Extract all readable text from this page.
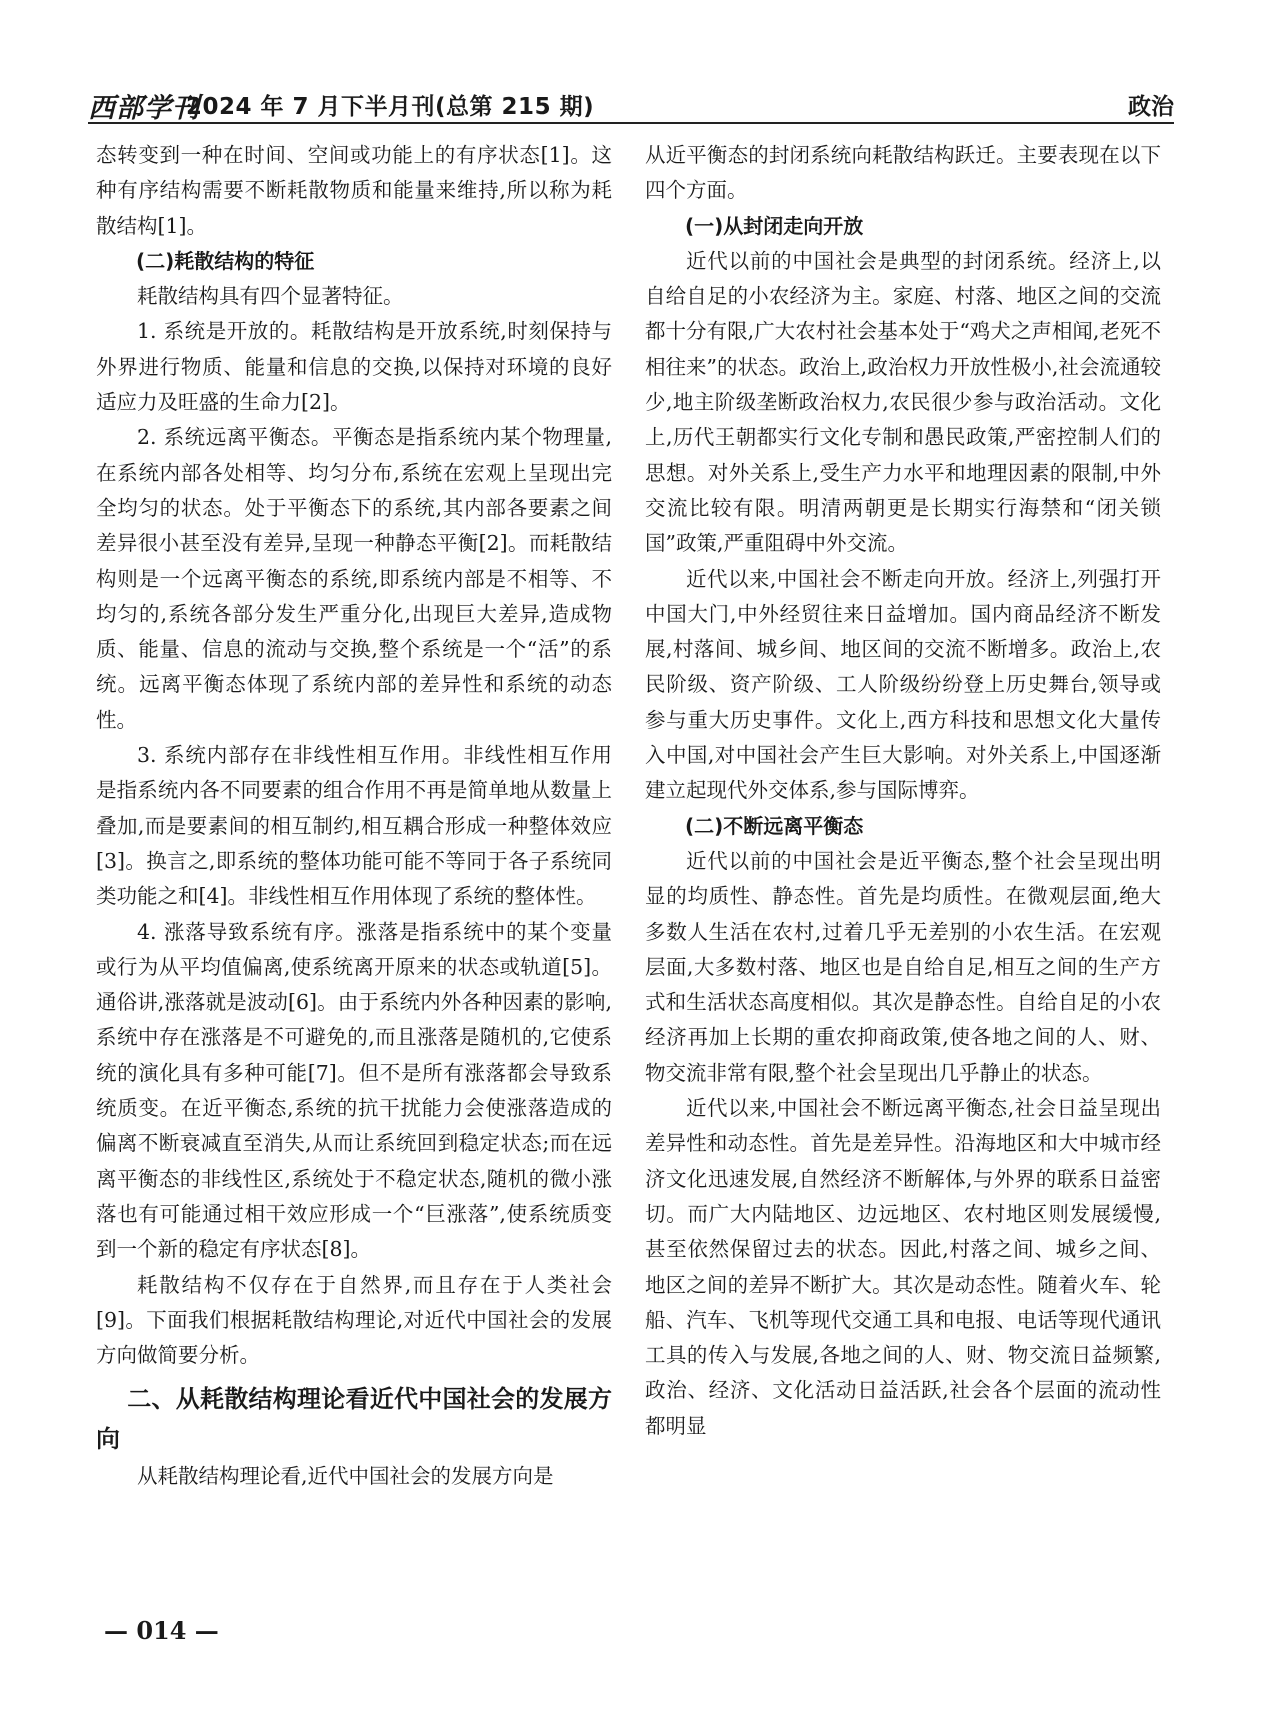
西部学刊
2024 年 7 月下半月刊(总第 215 期)	政治

态转变到一种在时间、空间或功能上的有序状态[1]。这种有序结构需要不断耗散物质和能量来维持,所以称为耗散结构[1]。

(二)耗散结构的特征

耗散结构具有四个显著特征。

1. 系统是开放的。耗散结构是开放系统,时刻保持与外界进行物质、能量和信息的交换,以保持对环境的良好适应力及旺盛的生命力[2]。

2. 系统远离平衡态。平衡态是指系统内某个物理量,在系统内部各处相等、均匀分布,系统在宏观上呈现出完全均匀的状态。处于平衡态下的系统,其内部各要素之间差异很小甚至没有差异,呈现一种静态平衡[2]。而耗散结构则是一个远离平衡态的系统,即系统内部是不相等、不均匀的,系统各部分发生严重分化,出现巨大差异,造成物质、能量、信息的流动与交换,整个系统是一个“活”的系统。远离平衡态体现了系统内部的差异性和系统的动态性。

3. 系统内部存在非线性相互作用。非线性相互作用是指系统内各不同要素的组合作用不再是简单地从数量上叠加,而是要素间的相互制约,相互耦合形成一种整体效应[3]。换言之,即系统的整体功能可能不等同于各子系统同类功能之和[4]。非线性相互作用体现了系统的整体性。

4. 涨落导致系统有序。涨落是指系统中的某个变量或行为从平均值偏离,使系统离开原来的状态或轨道[5]。通俗讲,涨落就是波动[6]。由于系统内外各种因素的影响,系统中存在涨落是不可避免的,而且涨落是随机的,它使系统的演化具有多种可能[7]。但不是所有涨落都会导致系统质变。在近平衡态,系统的抗干扰能力会使涨落造成的偏离不断衰减直至消失,从而让系统回到稳定状态;而在远离平衡态的非线性区,系统处于不稳定状态,随机的微小涨落也有可能通过相干效应形成一个“巨涨落”,使系统质变到一个新的稳定有序状态[8]。

耗散结构不仅存在于自然界,而且存在于人类社会[9]。下面我们根据耗散结构理论,对近代中国社会的发展方向做简要分析。

二、从耗散结构理论看近代中国社会的发展方向

从耗散结构理论看,近代中国社会的发展方向是

从近平衡态的封闭系统向耗散结构跃迁。主要表现在以下四个方面。

(一)从封闭走向开放

近代以前的中国社会是典型的封闭系统。经济上,以自给自足的小农经济为主。家庭、村落、地区之间的交流都十分有限,广大农村社会基本处于“鸡犬之声相闻,老死不相往来”的状态。政治上,政治权力开放性极小,社会流通较少,地主阶级垄断政治权力,农民很少参与政治活动。文化上,历代王朝都实行文化专制和愚民政策,严密控制人们的思想。对外关系上,受生产力水平和地理因素的限制,中外交流比较有限。明清两朝更是长期实行海禁和“闭关锁国”政策,严重阻碍中外交流。

近代以来,中国社会不断走向开放。经济上,列强打开中国大门,中外经贸往来日益增加。国内商品经济不断发展,村落间、城乡间、地区间的交流不断增多。政治上,农民阶级、资产阶级、工人阶级纷纷登上历史舞台,领导或参与重大历史事件。文化上,西方科技和思想文化大量传入中国,对中国社会产生巨大影响。对外关系上,中国逐渐建立起现代外交体系,参与国际博弈。

(二)不断远离平衡态

近代以前的中国社会是近平衡态,整个社会呈现出明显的均质性、静态性。首先是均质性。在微观层面,绝大多数人生活在农村,过着几乎无差别的小农生活。在宏观层面,大多数村落、地区也是自给自足,相互之间的生产方式和生活状态高度相似。其次是静态性。自给自足的小农经济再加上长期的重农抑商政策,使各地之间的人、财、物交流非常有限,整个社会呈现出几乎静止的状态。

近代以来,中国社会不断远离平衡态,社会日益呈现出差异性和动态性。首先是差异性。沿海地区和大中城市经济文化迅速发展,自然经济不断解体,与外界的联系日益密切。而广大内陆地区、边远地区、农村地区则发展缓慢,甚至依然保留过去的状态。因此,村落之间、城乡之间、地区之间的差异不断扩大。其次是动态性。随着火车、轮船、汽车、飞机等现代交通工具和电报、电话等现代通讯工具的传入与发展,各地之间的人、财、物交流日益频繁,政治、经济、文化活动日益活跃,社会各个层面的流动性都明显

— 014 —
